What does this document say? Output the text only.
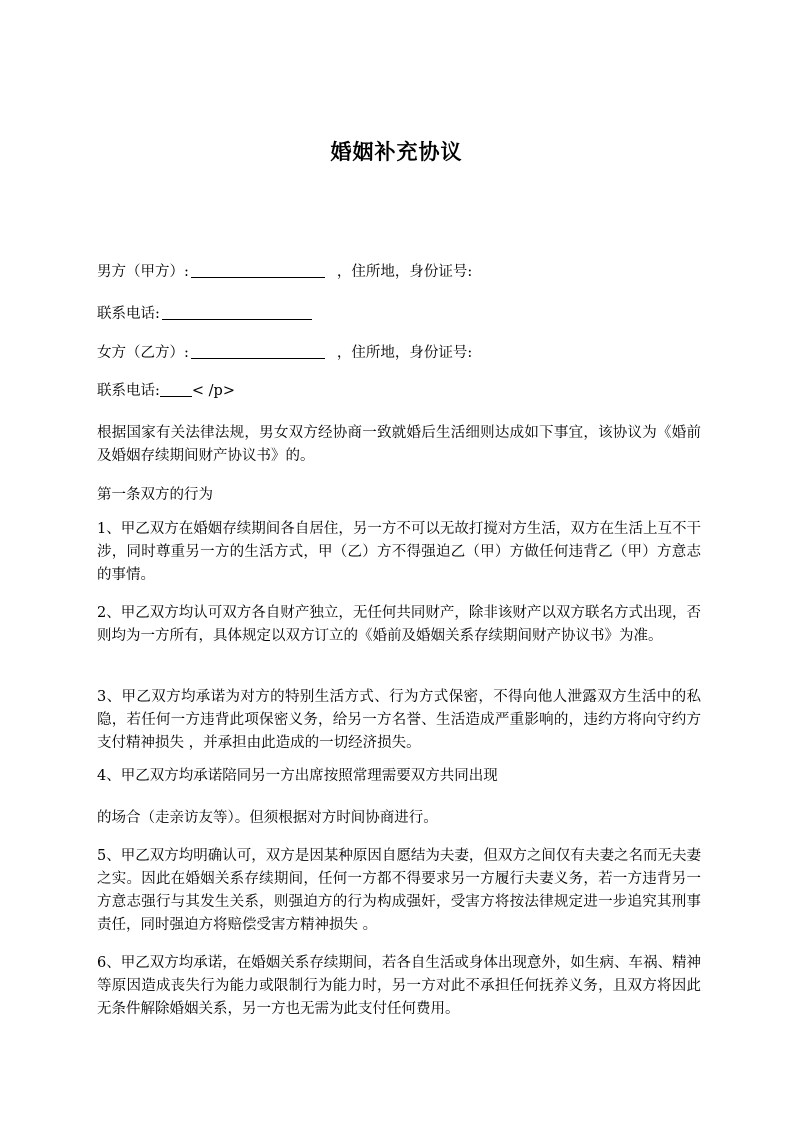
婚姻补充协议
男方（甲方）:	，住所地，身份证号:
联系电话:
女方（乙方）:	，住所地，身份证号:
联系电话: < /p>
根据国家有关法律法规，男女双方经协商一致就婚后生活细则达成如下事宜，该协议为《婚前及婚姻存续期间财产协议书》的。
第一条双方的行为
1、甲乙双方在婚姻存续期间各自居住，另一方不可以无故打搅对方生活，双方在生活上互不干涉，同时尊重另一方的生活方式，甲（乙）方不得强迫乙（甲）方做任何违背乙（甲）方意志的事情。
2、甲乙双方均认可双方各自财产独立，无任何共同财产，除非该财产以双方联名方式出现，否则均为一方所有，具体规定以双方订立的《婚前及婚姻关系存续期间财产协议书》为准。
3、甲乙双方均承诺为对方的特别生活方式、行为方式保密，不得向他人泄露双方生活中的私隐，若任何一方违背此项保密义务，给另一方名誉、生活造成严重影响的，违约方将向守约方支付精神损失 ，并承担由此造成的一切经济损失。
4、甲乙双方均承诺陪同另一方出席按照常理需要双方共同出现
的场合（走亲访友等）。但须根据对方时间协商进行。
5、甲乙双方均明确认可，双方是因某种原因自愿结为夫妻，但双方之间仅有夫妻之名而无夫妻之实。因此在婚姻关系存续期间，任何一方都不得要求另一方履行夫妻义务，若一方违背另一方意志强行与其发生关系，则强迫方的行为构成强奸，受害方将按法律规定进一步追究其刑事责任，同时强迫方将赔偿受害方精神损失 。
6、甲乙双方均承诺，在婚姻关系存续期间，若各自生活或身体出现意外，如生病、车祸、精神等原因造成丧失行为能力或限制行为能力时，另一方对此不承担任何抚养义务，且双方将因此无条件解除婚姻关系，另一方也无需为此支付任何费用。
